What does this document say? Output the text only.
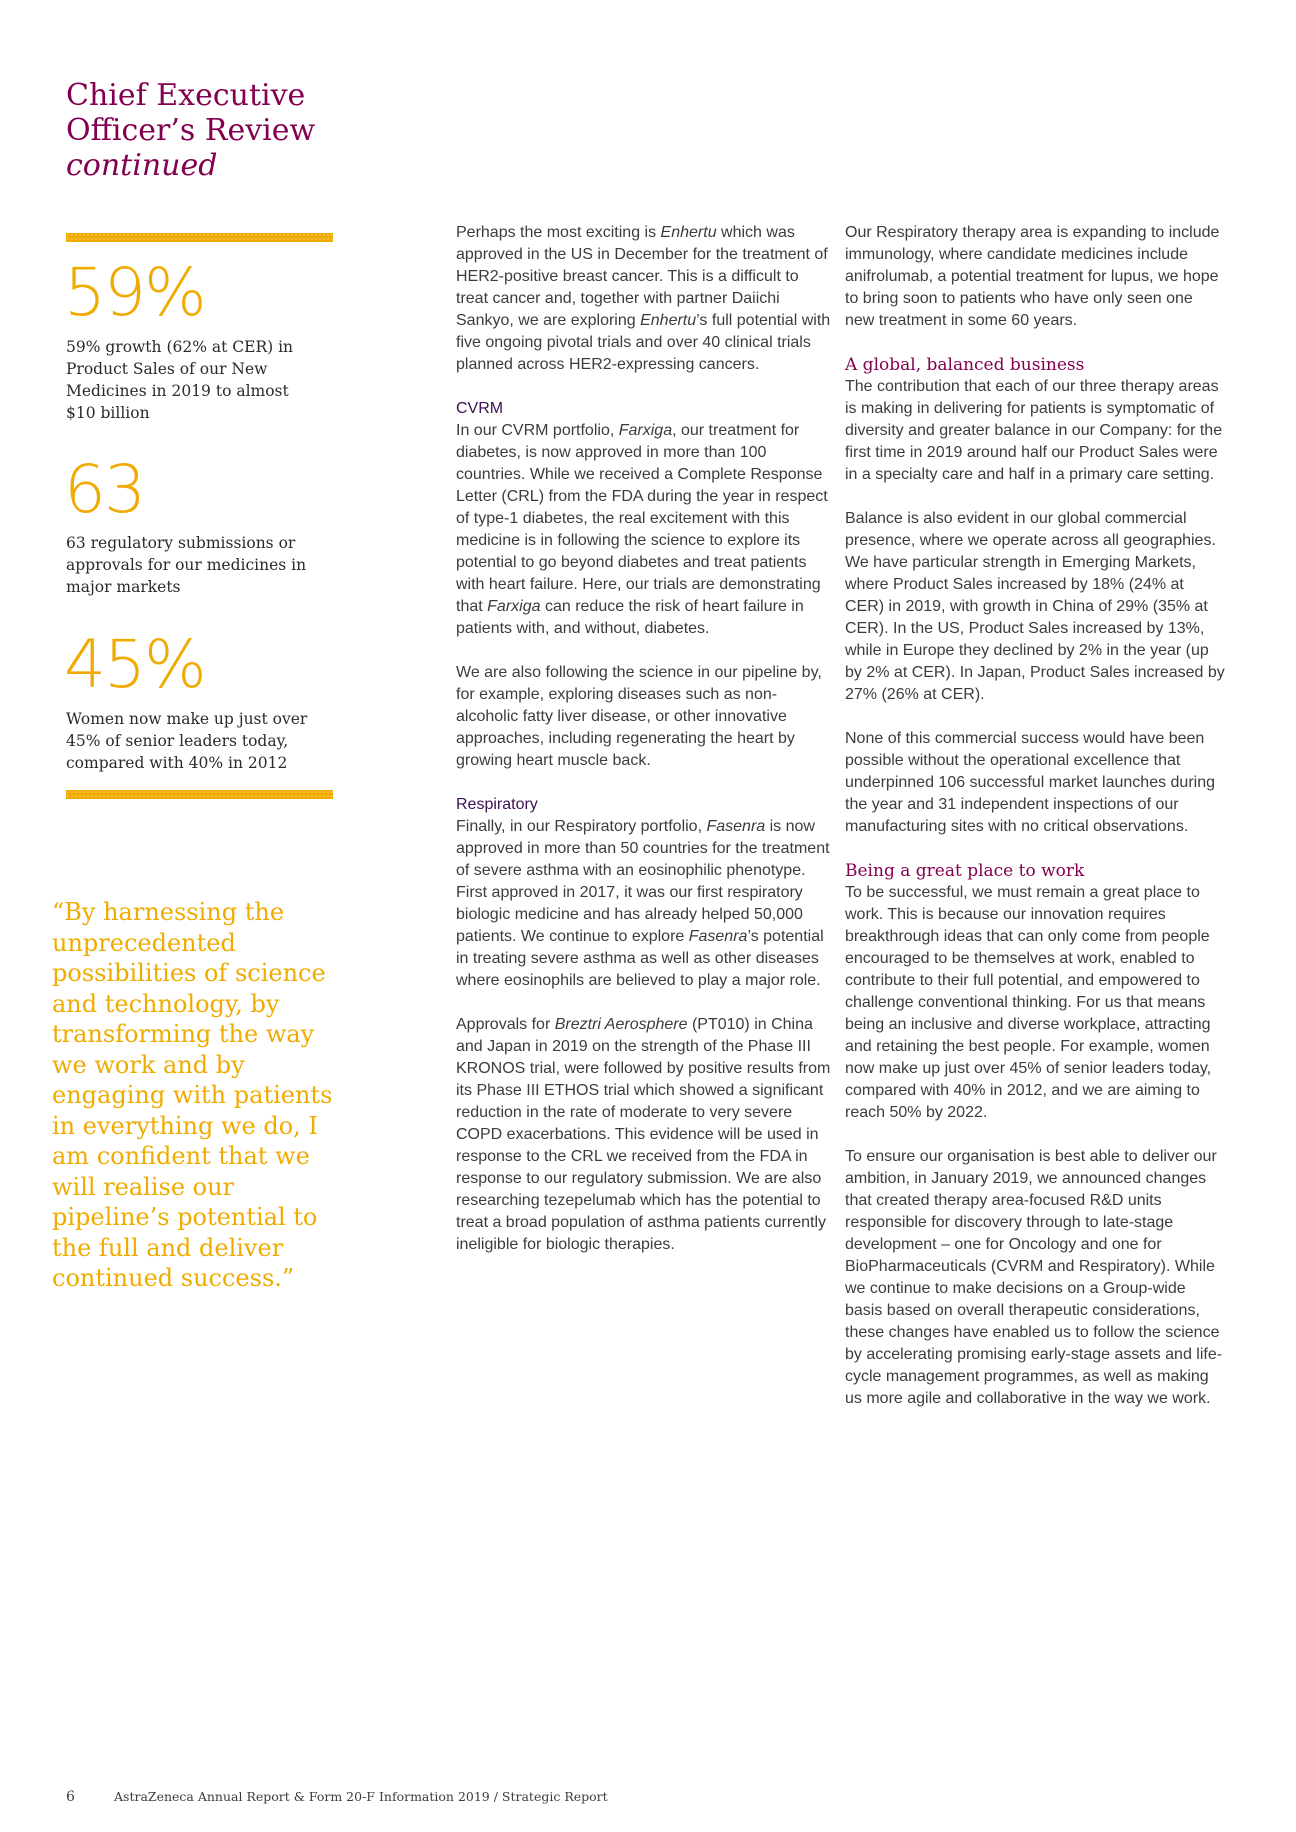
Chief Executive
Officer’s Review
continued
59%

59% growth (62% at CER) in Product Sales of our New Medicines in 2019 to almost $10 billion

63

63 regulatory submissions or approvals for our medicines in major markets

45%

Women now make up just over 45% of senior leaders today, compared with 40% in 2012

“By harnessing the unprecedented possibilities of science and technology, by transforming the way we work and by engaging with patients in everything we do, I am confident that we will realise our pipeline’s potential to the full and deliver continued success.”

Perhaps the most exciting is Enhertu which was approved in the US in December for the treatment of HER2-positive breast cancer. This is a difficult to treat cancer and, together with partner Daiichi Sankyo, we are exploring Enhertu’s full potential with five ongoing pivotal trials and over 40 clinical trials planned across HER2-expressing cancers.

CVRM

In our CVRM portfolio, Farxiga, our treatment for diabetes, is now approved in more than 100 countries. While we received a Complete Response Letter (CRL) from the FDA during the year in respect of type-1 diabetes, the real excitement with this medicine is in following the science to explore its potential to go beyond diabetes and treat patients with heart failure. Here, our trials are demonstrating that Farxiga can reduce the risk of heart failure in patients with, and without, diabetes.

We are also following the science in our pipeline by, for example, exploring diseases such as non-alcoholic fatty liver disease, or other innovative approaches, including regenerating the heart by growing heart muscle back.

Respiratory

Finally, in our Respiratory portfolio, Fasenra is now approved in more than 50 countries for the treatment of severe asthma with an eosinophilic phenotype. First approved in 2017, it was our first respiratory biologic medicine and has already helped 50,000 patients. We continue to explore Fasenra’s potential in treating severe asthma as well as other diseases where eosinophils are believed to play a major role.

Approvals for Breztri Aerosphere (PT010) in China and Japan in 2019 on the strength of the Phase III KRONOS trial, were followed by positive results from its Phase III ETHOS trial which showed a significant reduction in the rate of moderate to very severe COPD exacerbations. This evidence will be used in response to the CRL we received from the FDA in response to our regulatory submission. We are also researching tezepelumab which has the potential to treat a broad population of asthma patients currently ineligible for biologic therapies.

Our Respiratory therapy area is expanding to include immunology, where candidate medicines include anifrolumab, a potential treatment for lupus, we hope to bring soon to patients who have only seen one new treatment in some 60 years.

A global, balanced business

The contribution that each of our three therapy areas is making in delivering for patients is symptomatic of diversity and greater balance in our Company: for the first time in 2019 around half our Product Sales were in a specialty care and half in a primary care setting.

Balance is also evident in our global commercial presence, where we operate across all geographies. We have particular strength in Emerging Markets, where Product Sales increased by 18% (24% at CER) in 2019, with growth in China of 29% (35% at CER). In the US, Product Sales increased by 13%, while in Europe they declined by 2% in the year (up by 2% at CER). In Japan, Product Sales increased by 27% (26% at CER).

None of this commercial success would have been possible without the operational excellence that underpinned 106 successful market launches during the year and 31 independent inspections of our manufacturing sites with no critical observations.

Being a great place to work

To be successful, we must remain a great place to work. This is because our innovation requires breakthrough ideas that can only come from people encouraged to be themselves at work, enabled to contribute to their full potential, and empowered to challenge conventional thinking. For us that means being an inclusive and diverse workplace, attracting and retaining the best people. For example, women now make up just over 45% of senior leaders today, compared with 40% in 2012, and we are aiming to reach 50% by 2022.

To ensure our organisation is best able to deliver our ambition, in January 2019, we announced changes that created therapy area-focused R&D units responsible for discovery through to late-stage development – one for Oncology and one for BioPharmaceuticals (CVRM and Respiratory). While we continue to make decisions on a Group-wide basis based on overall therapeutic considerations, these changes have enabled us to follow the science by accelerating promising early-stage assets and life-cycle management programmes, as well as making us more agile and collaborative in the way we work.

6	AstraZeneca Annual Report & Form 20-F Information 2019 / Strategic Report
